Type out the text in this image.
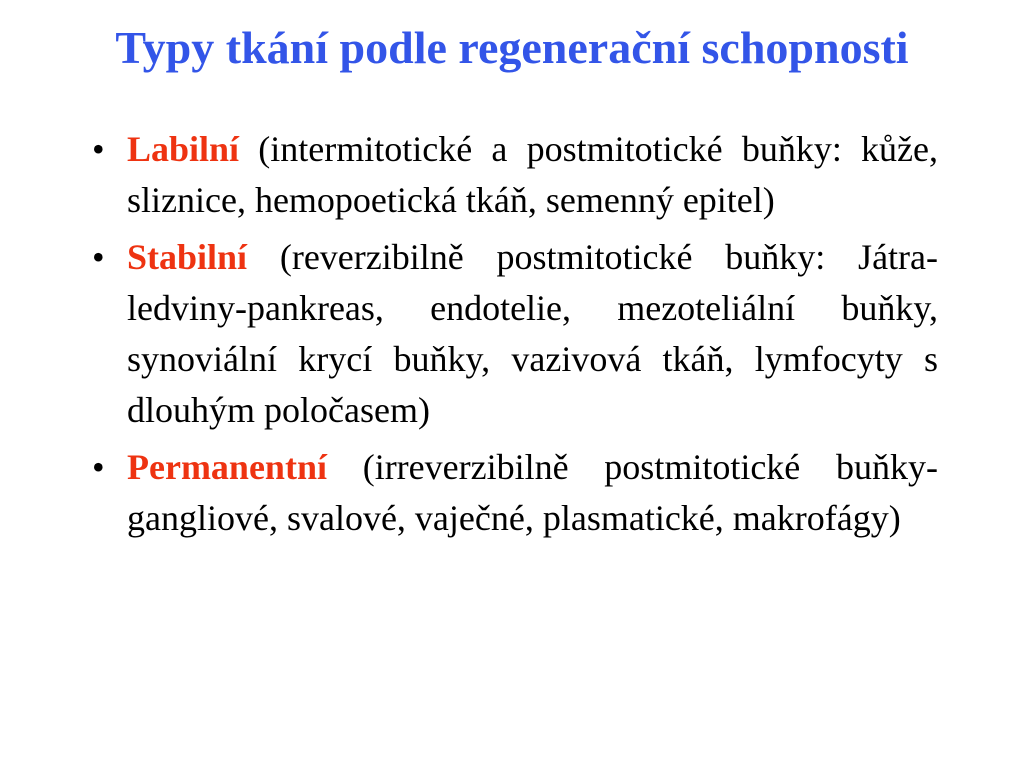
Typy tkání podle regenerační schopnosti
• Labilní (intermitotické a postmitotické buňky: kůže, sliznice, hemopoetická tkáň, semenný epitel)
• Stabilní (reverzibilně postmitotické buňky: Játra-ledviny-pankreas, endotelie, mezoteliální buňky, synoviální krycí buňky, vazivová tkáň, lymfocyty s dlouhým poločasem)
• Permanentní (irreverzibilně postmitotické buňky- gangliové, svalové, vaječné, plasmatické, makrofágy)
